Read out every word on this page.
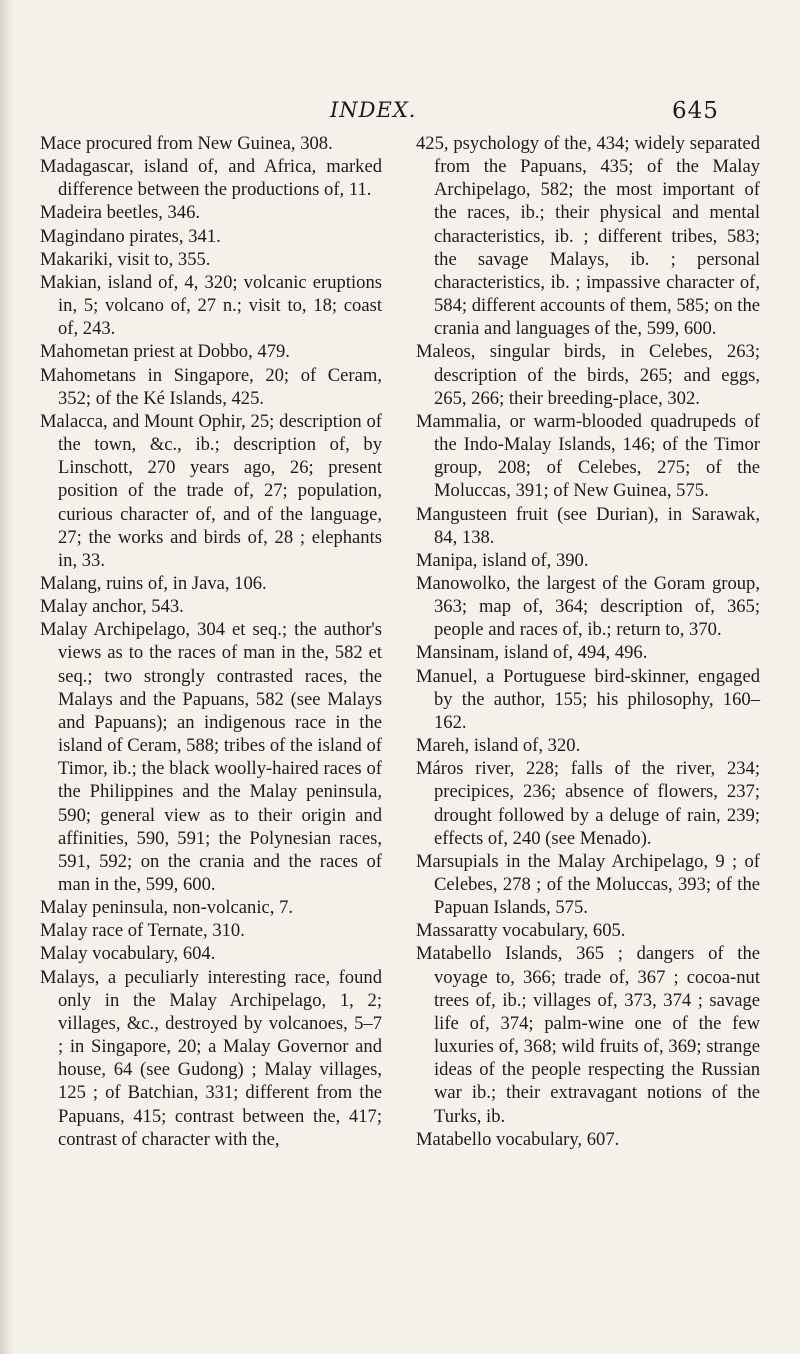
INDEX.	645

Mace procured from New Guinea, 308.

Madagascar, island of, and Africa, marked difference between the productions of, 11.

Madeira beetles, 346.

Magindano pirates, 341.

Makariki, visit to, 355.

Makian, island of, 4, 320; volcanic eruptions in, 5; volcano of, 27 n.; visit to, 18; coast of, 243.

Mahometan priest at Dobbo, 479.

Mahometans in Singapore, 20; of Ceram, 352; of the Ké Islands, 425.

Malacca, and Mount Ophir, 25; description of the town, &c., ib.; description of, by Linschott, 270 years ago, 26; present position of the trade of, 27; population, curious character of, and of the language, 27; the works and birds of, 28 ; elephants in, 33.

Malang, ruins of, in Java, 106.

Malay anchor, 543.

Malay Archipelago, 304 et seq.; the author's views as to the races of man in the, 582 et seq.; two strongly contrasted races, the Malays and the Papuans, 582 (see Malays and Papuans); an indigenous race in the island of Ceram, 588; tribes of the island of Timor, ib.; the black woolly-haired races of the Philippines and the Malay peninsula, 590; general view as to their origin and affinities, 590, 591; the Polynesian races, 591, 592; on the crania and the races of man in the, 599, 600.

Malay peninsula, non-volcanic, 7.

Malay race of Ternate, 310.

Malay vocabulary, 604.

Malays, a peculiarly interesting race, found only in the Malay Archipelago, 1, 2; villages, &c., destroyed by volcanoes, 5–7 ; in Singapore, 20; a Malay Governor and house, 64 (see Gudong) ; Malay villages, 125 ; of Batchian, 331; different from the Papuans, 415; contrast between the, 417; contrast of character with the,

425, psychology of the, 434; widely separated from the Papuans, 435; of the Malay Archipelago, 582; the most important of the races, ib.; their physical and mental characteristics, ib. ; different tribes, 583; the savage Malays, ib. ; personal characteristics, ib. ; impassive character of, 584; different accounts of them, 585; on the crania and languages of the, 599, 600.

Maleos, singular birds, in Celebes, 263; description of the birds, 265; and eggs, 265, 266; their breeding-place, 302.

Mammalia, or warm-blooded quadrupeds of the Indo-Malay Islands, 146; of the Timor group, 208; of Celebes, 275; of the Moluccas, 391; of New Guinea, 575.

Mangusteen fruit (see Durian), in Sarawak, 84, 138.

Manipa, island of, 390.

Manowolko, the largest of the Goram group, 363; map of, 364; description of, 365; people and races of, ib.; return to, 370.

Mansinam, island of, 494, 496.

Manuel, a Portuguese bird-skinner, engaged by the author, 155; his philosophy, 160–162.

Mareh, island of, 320.

Máros river, 228; falls of the river, 234; precipices, 236; absence of flowers, 237; drought followed by a deluge of rain, 239; effects of, 240 (see Menado).

Marsupials in the Malay Archipelago, 9 ; of Celebes, 278 ; of the Moluccas, 393; of the Papuan Islands, 575.

Massaratty vocabulary, 605.

Matabello Islands, 365 ; dangers of the voyage to, 366; trade of, 367 ; cocoa-nut trees of, ib.; villages of, 373, 374 ; savage life of, 374; palm-wine one of the few luxuries of, 368; wild fruits of, 369; strange ideas of the people respecting the Russian war ib.; their extravagant notions of the Turks, ib.

Matabello vocabulary, 607.
